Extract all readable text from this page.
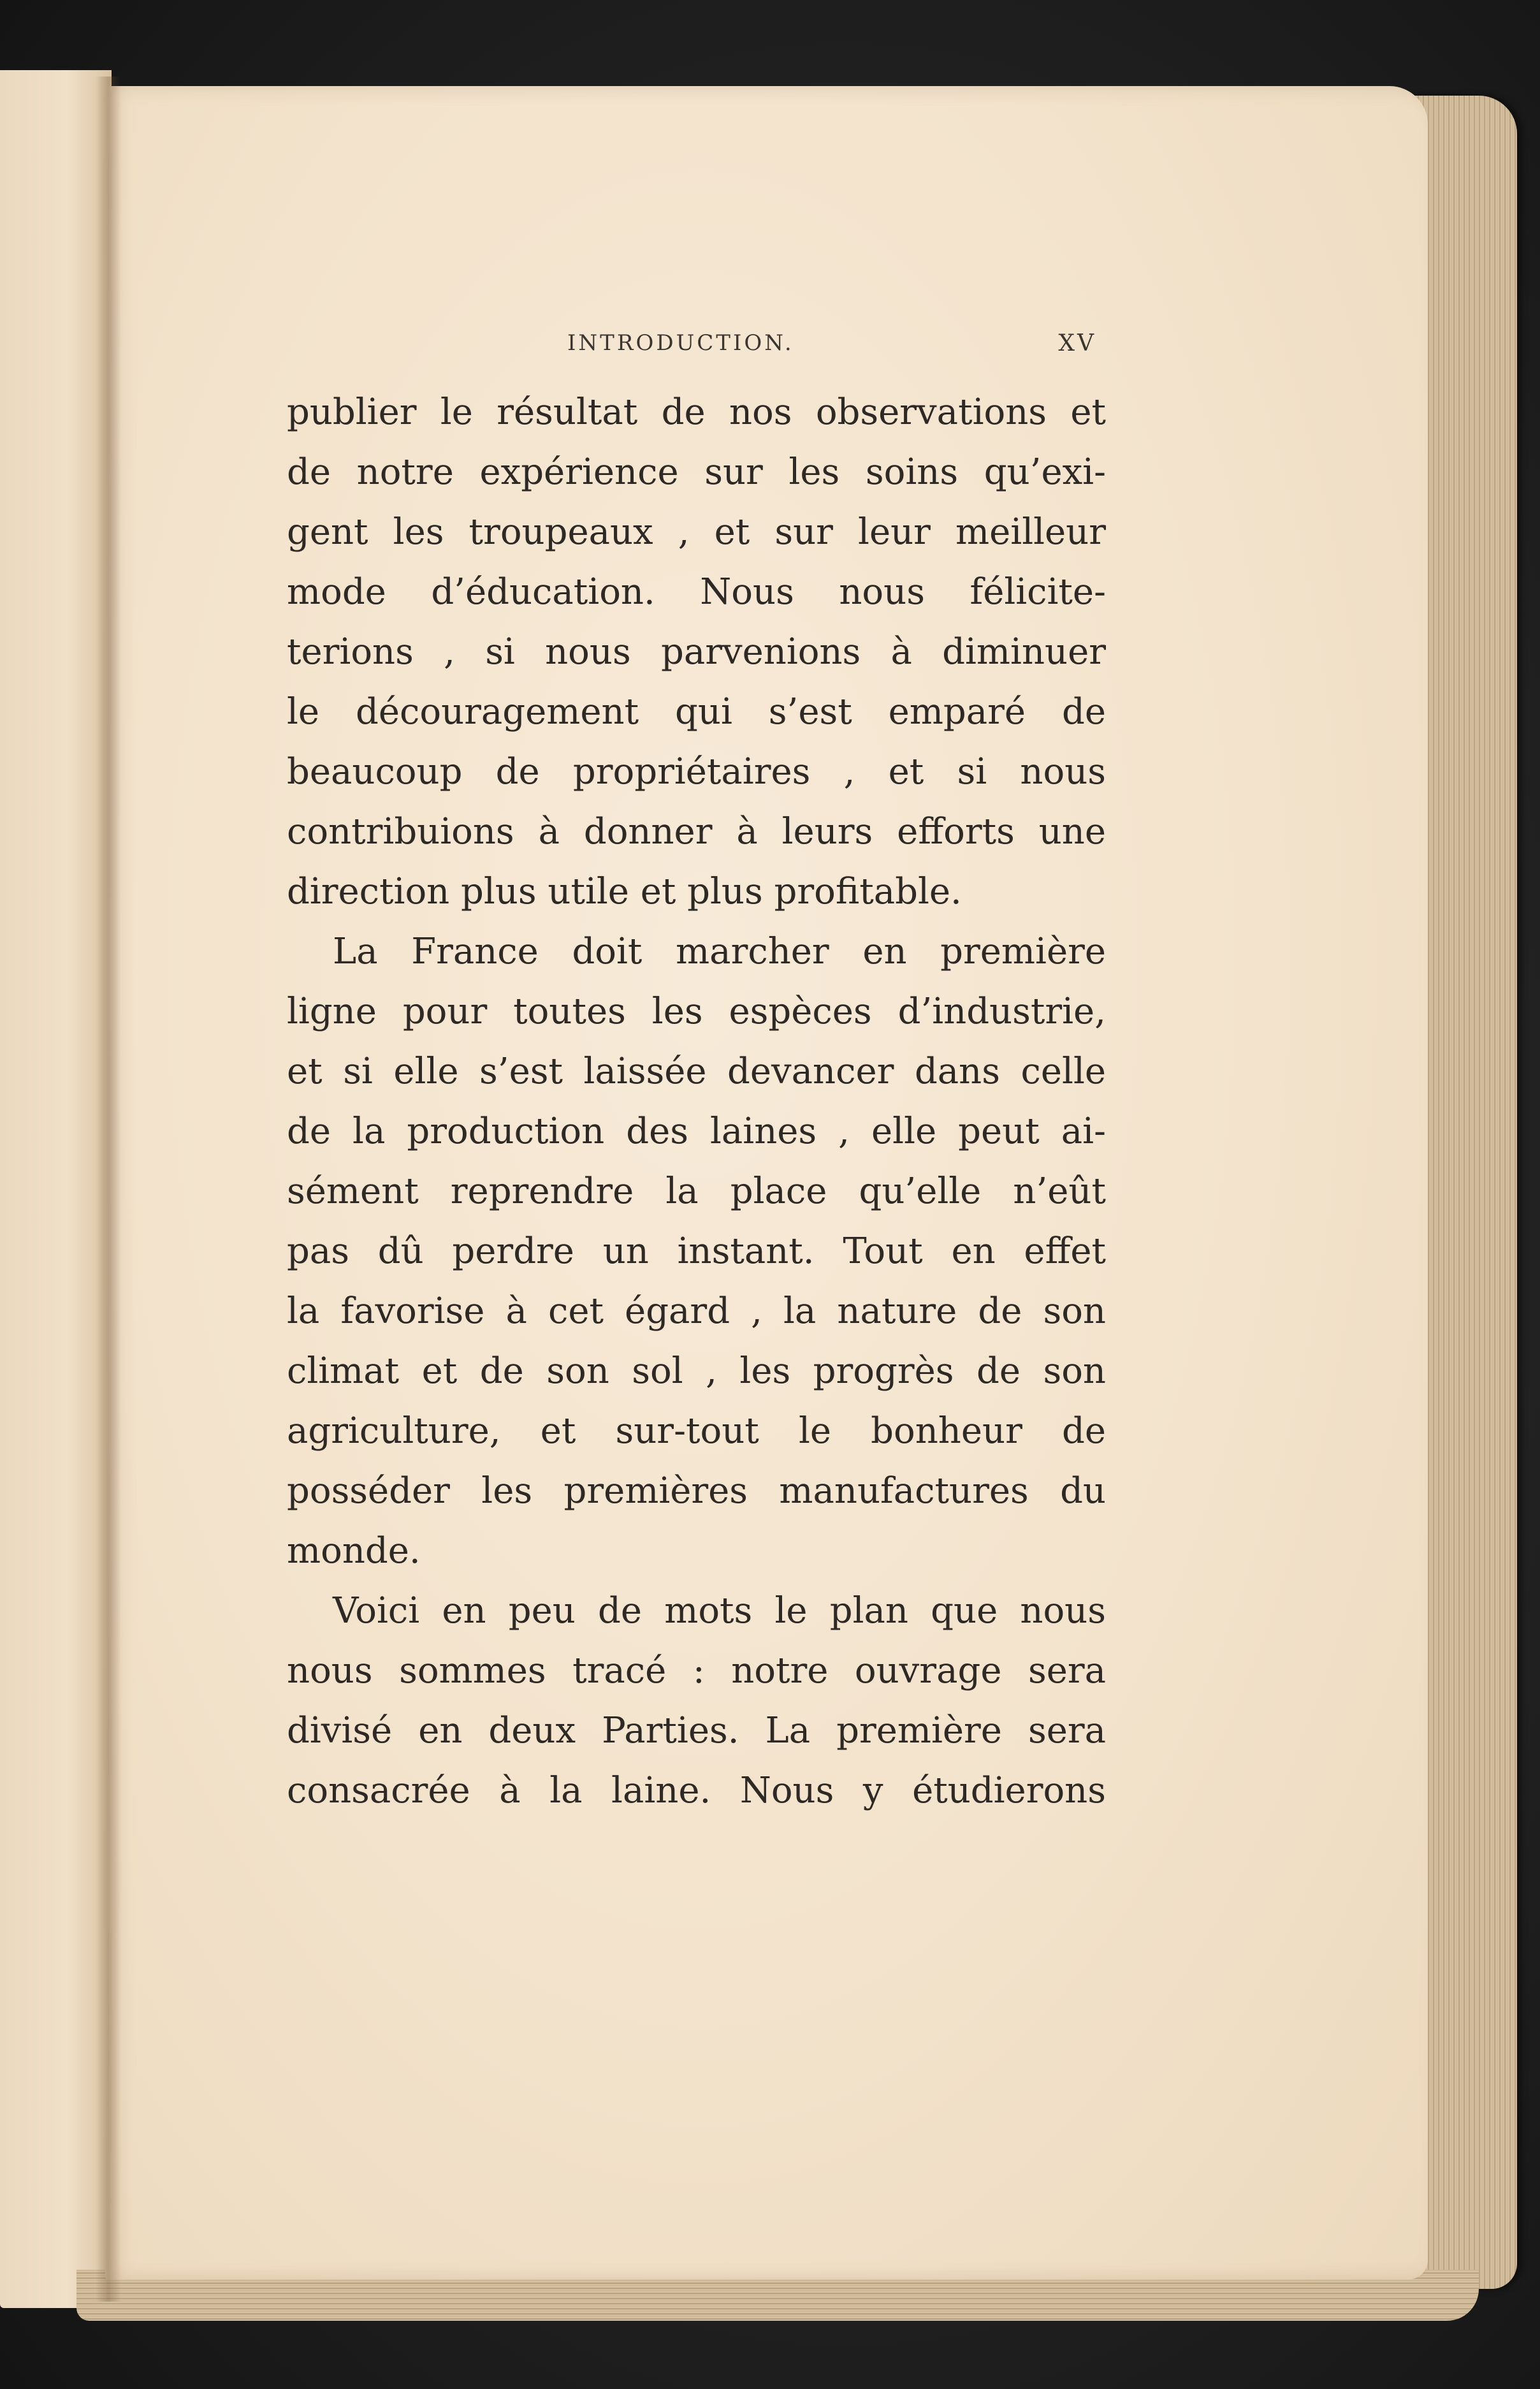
INTRODUCTION.	XV
publier le résultat de nos observations et
de notre expérience sur les soins qu’exi-
gent les troupeaux , et sur leur meilleur
mode d’éducation. Nous nous félicite-
terions , si nous parvenions à diminuer
le découragement qui s’est emparé de
beaucoup de propriétaires , et si nous
contribuions à donner à leurs efforts une
direction plus utile et plus profitable.
La France doit marcher en première
ligne pour toutes les espèces d’industrie,
et si elle s’est laissée devancer dans celle
de la production des laines , elle peut ai-
sément reprendre la place qu’elle n’eût
pas dû perdre un instant. Tout en effet
la favorise à cet égard , la nature de son
climat et de son sol , les progrès de son
agriculture, et sur-tout le bonheur de
posséder les premières manufactures du
monde.
Voici en peu de mots le plan que nous
nous sommes tracé : notre ouvrage sera
divisé en deux Parties. La première sera
consacrée à la laine. Nous y étudierons
